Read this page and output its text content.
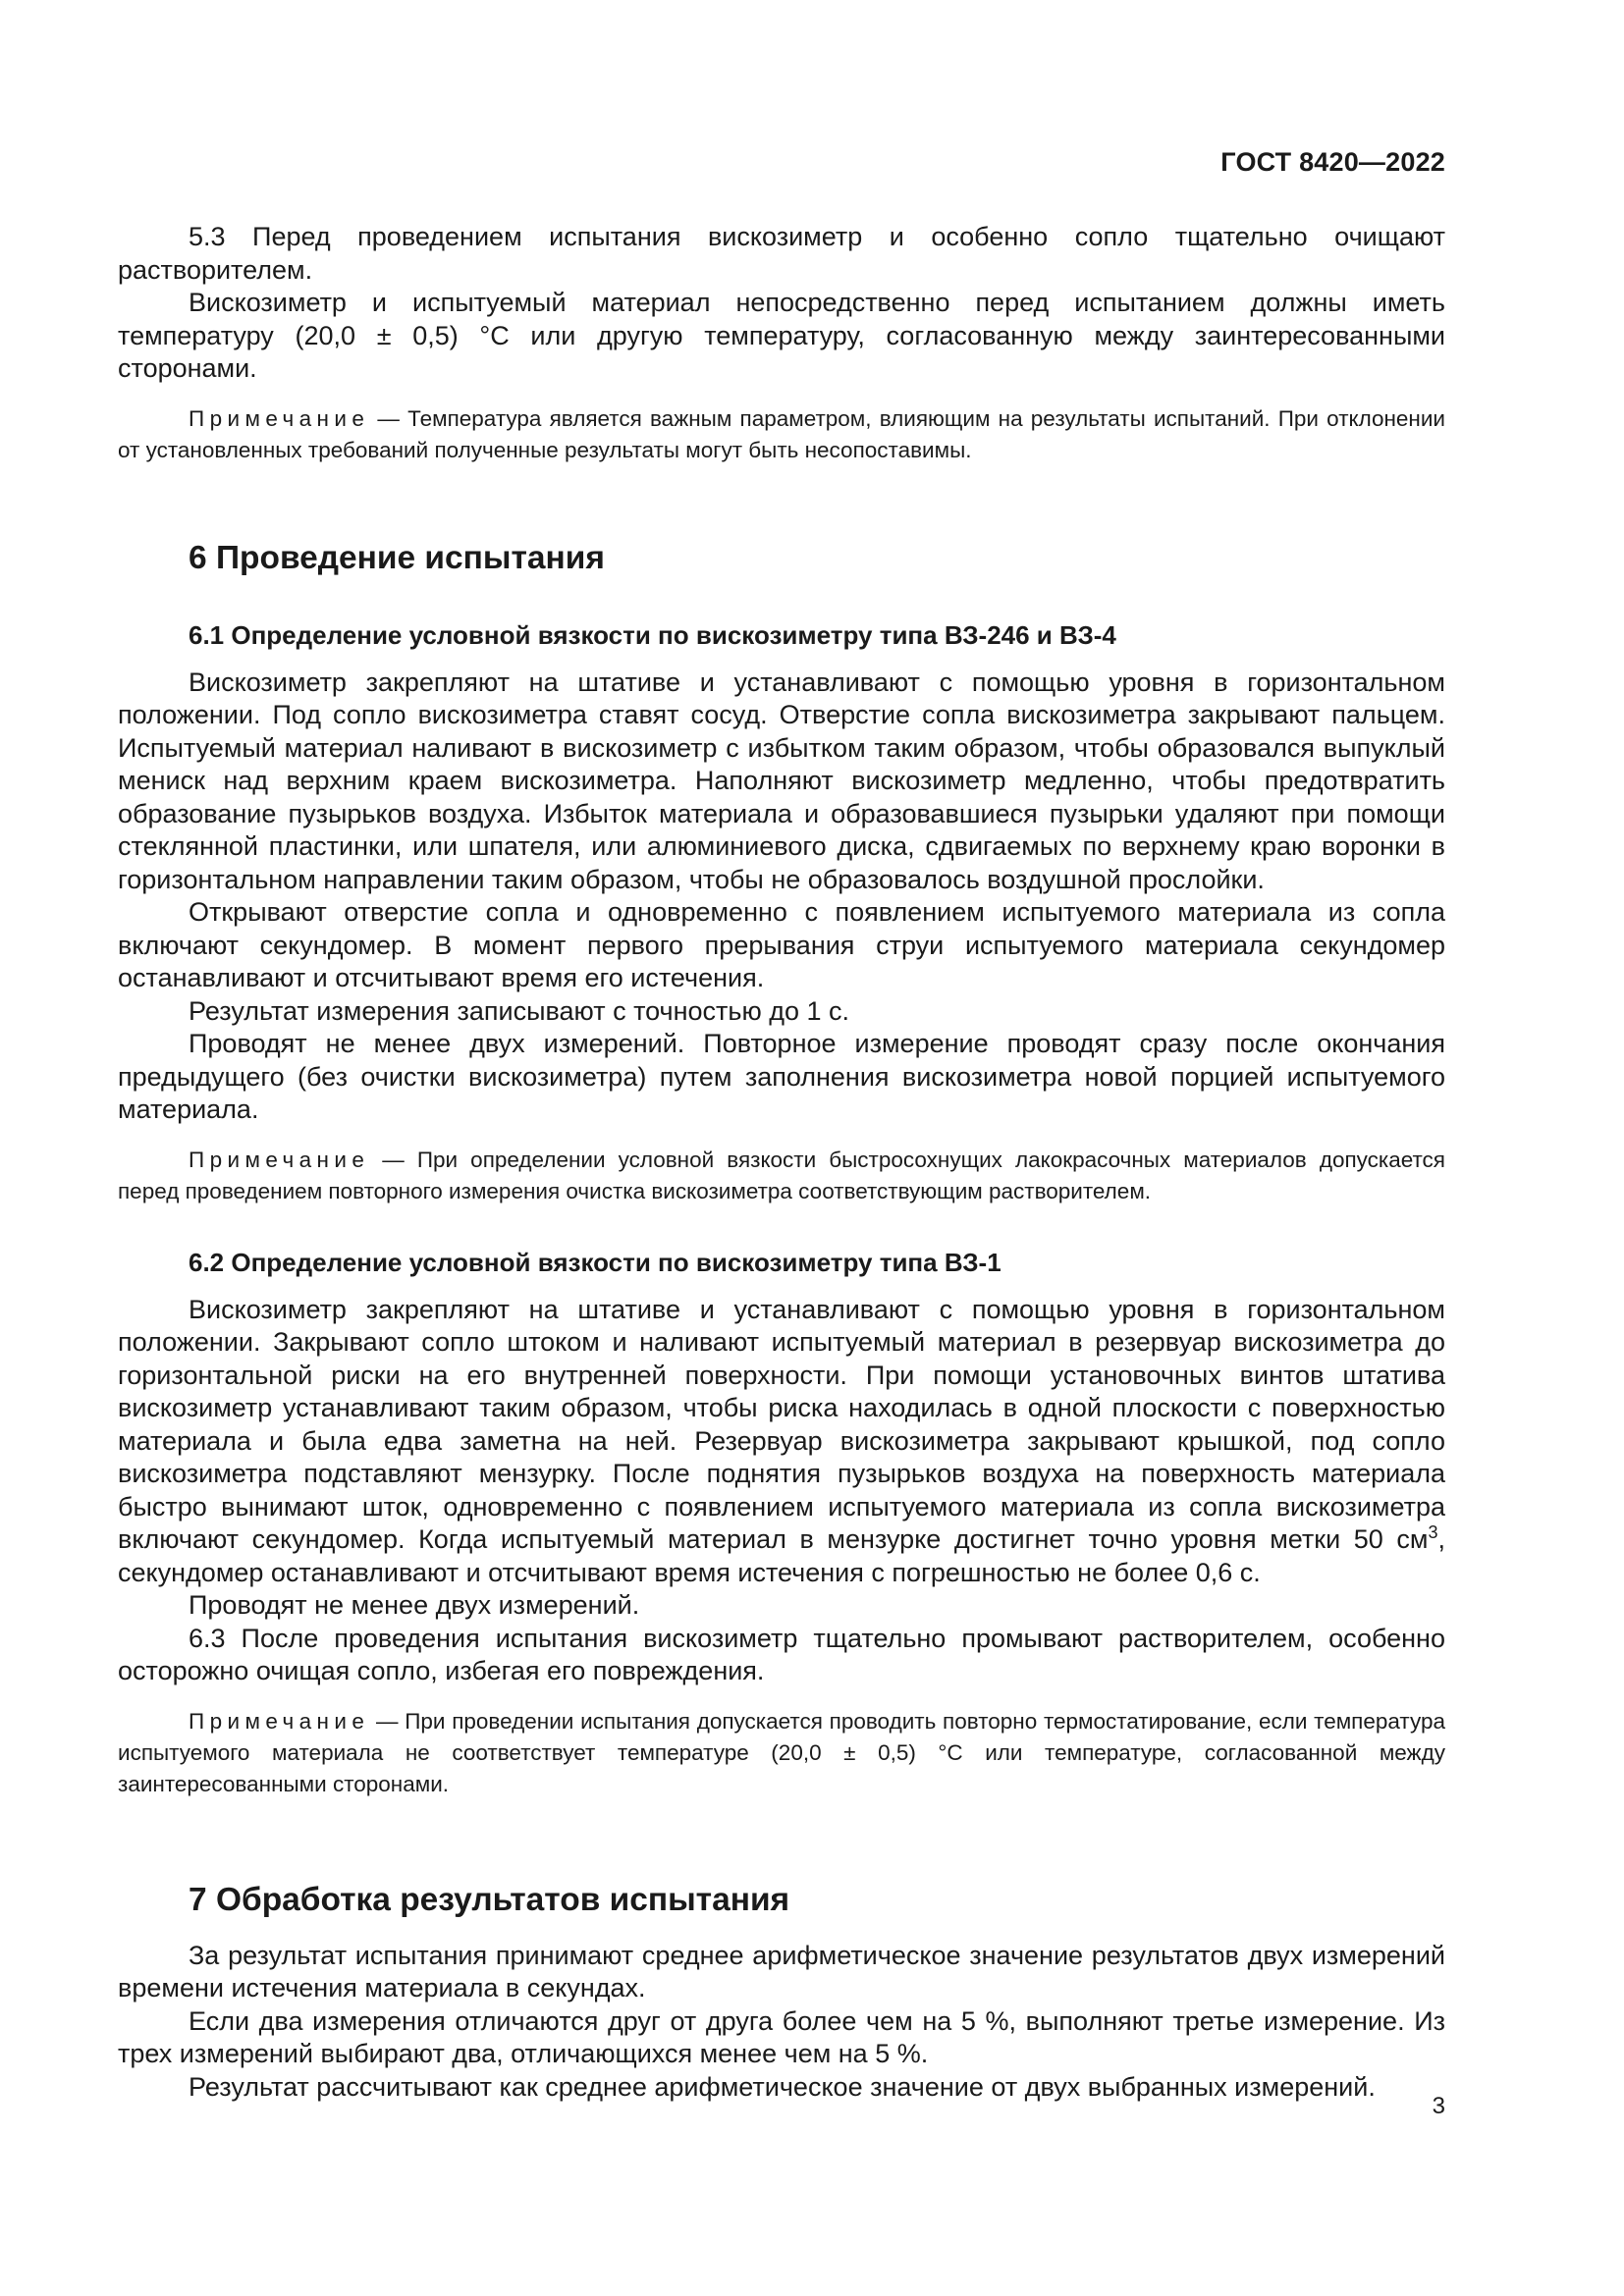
ГОСТ 8420—2022

5.3 Перед проведением испытания вискозиметр и особенно сопло тщательно очищают растворителем.

Вискозиметр и испытуемый материал непосредственно перед испытанием должны иметь температуру (20,0 ± 0,5) °С или другую температуру, согласованную между заинтересованными сторонами.

Примечание — Температура является важным параметром, влияющим на результаты испытаний. При отклонении от установленных требований полученные результаты могут быть несопоставимы.
6 Проведение испытания
6.1 Определение условной вязкости по вискозиметру типа ВЗ-246 и ВЗ-4

Вискозиметр закрепляют на штативе и устанавливают с помощью уровня в горизонтальном положении. Под сопло вискозиметра ставят сосуд. Отверстие сопла вискозиметра закрывают пальцем. Испытуемый материал наливают в вискозиметр с избытком таким образом, чтобы образовался выпуклый мениск над верхним краем вискозиметра. Наполняют вискозиметр медленно, чтобы предотвратить образование пузырьков воздуха. Избыток материала и образовавшиеся пузырьки удаляют при помощи стеклянной пластинки, или шпателя, или алюминиевого диска, сдвигаемых по верхнему краю воронки в горизонтальном направлении таким образом, чтобы не образовалось воздушной прослойки.

Открывают отверстие сопла и одновременно с появлением испытуемого материала из сопла включают секундомер. В момент первого прерывания струи испытуемого материала секундомер останавливают и отсчитывают время его истечения.

Результат измерения записывают с точностью до 1 с.

Проводят не менее двух измерений. Повторное измерение проводят сразу после окончания предыдущего (без очистки вискозиметра) путем заполнения вискозиметра новой порцией испытуемого материала.

Примечание — При определении условной вязкости быстросохнущих лакокрасочных материалов допускается перед проведением повторного измерения очистка вискозиметра соответствующим растворителем.
6.2 Определение условной вязкости по вискозиметру типа ВЗ-1

Вискозиметр закрепляют на штативе и устанавливают с помощью уровня в горизонтальном положении. Закрывают сопло штоком и наливают испытуемый материал в резервуар вискозиметра до горизонтальной риски на его внутренней поверхности. При помощи установочных винтов штатива вискозиметр устанавливают таким образом, чтобы риска находилась в одной плоскости с поверхностью материала и была едва заметна на ней. Резервуар вискозиметра закрывают крышкой, под сопло вискозиметра подставляют мензурку. После поднятия пузырьков воздуха на поверхность материала быстро вынимают шток, одновременно с появлением испытуемого материала из сопла вискозиметра включают секундомер. Когда испытуемый материал в мензурке достигнет точно уровня метки 50 $см^3$, секундомер останавливают и отсчитывают время истечения с погрешностью не более 0,6 с.

Проводят не менее двух измерений.

6.3 После проведения испытания вискозиметр тщательно промывают растворителем, особенно осторожно очищая сопло, избегая его повреждения.

Примечание — При проведении испытания допускается проводить повторно термостатирование, если температура испытуемого материала не соответствует температуре (20,0 ± 0,5) °С или температуре, согласованной между заинтересованными сторонами.
7 Обработка результатов испытания

За результат испытания принимают среднее арифметическое значение результатов двух измерений времени истечения материала в секундах.

Если два измерения отличаются друг от друга более чем на 5 %, выполняют третье измерение. Из трех измерений выбирают два, отличающихся менее чем на 5 %.

Результат рассчитывают как среднее арифметическое значение от двух выбранных измерений.

3
